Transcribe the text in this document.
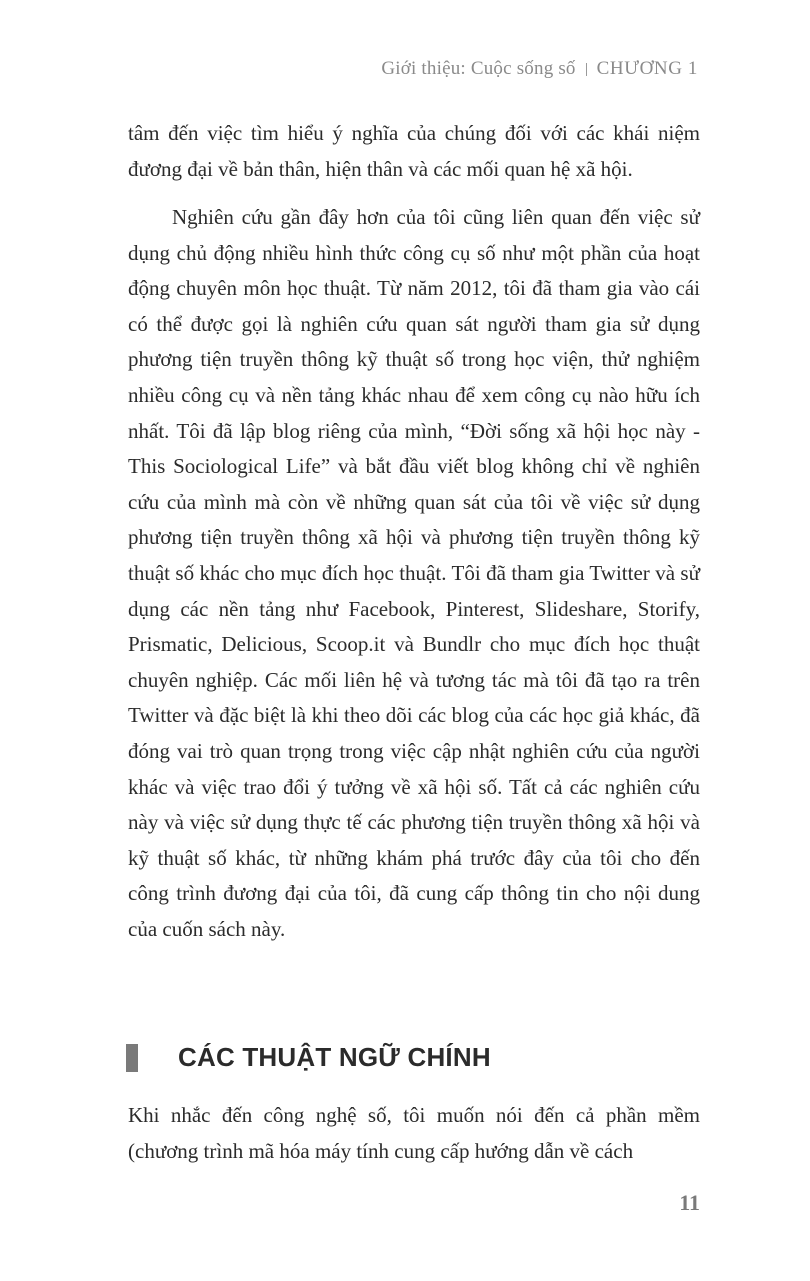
Giới thiệu: Cuộc sống số CHƯƠNG 1

tâm đến việc tìm hiểu ý nghĩa của chúng đối với các khái niệm đương đại về bản thân, hiện thân và các mối quan hệ xã hội.

Nghiên cứu gần đây hơn của tôi cũng liên quan đến việc sử dụng chủ động nhiều hình thức công cụ số như một phần của hoạt động chuyên môn học thuật. Từ năm 2012, tôi đã tham gia vào cái có thể được gọi là nghiên cứu quan sát người tham gia sử dụng phương tiện truyền thông kỹ thuật số trong học viện, thử nghiệm nhiều công cụ và nền tảng khác nhau để xem công cụ nào hữu ích nhất. Tôi đã lập blog riêng của mình, “Đời sống xã hội học này - This Sociological Life” và bắt đầu viết blog không chỉ về nghiên cứu của mình mà còn về những quan sát của tôi về việc sử dụng phương tiện truyền thông xã hội và phương tiện truyền thông kỹ thuật số khác cho mục đích học thuật. Tôi đã tham gia Twitter và sử dụng các nền tảng như Facebook, Pinterest, Slideshare, Storify, Prismatic, Delicious, Scoop.it và Bundlr cho mục đích học thuật chuyên nghiệp. Các mối liên hệ và tương tác mà tôi đã tạo ra trên Twitter và đặc biệt là khi theo dõi các blog của các học giả khác, đã đóng vai trò quan trọng trong việc cập nhật nghiên cứu của người khác và việc trao đổi ý tưởng về xã hội số. Tất cả các nghiên cứu này và việc sử dụng thực tế các phương tiện truyền thông xã hội và kỹ thuật số khác, từ những khám phá trước đây của tôi cho đến công trình đương đại của tôi, đã cung cấp thông tin cho nội dung của cuốn sách này.

CÁC THUẬT NGỮ CHÍNH

Khi nhắc đến công nghệ số, tôi muốn nói đến cả phần mềm (chương trình mã hóa máy tính cung cấp hướng dẫn về cách

11
